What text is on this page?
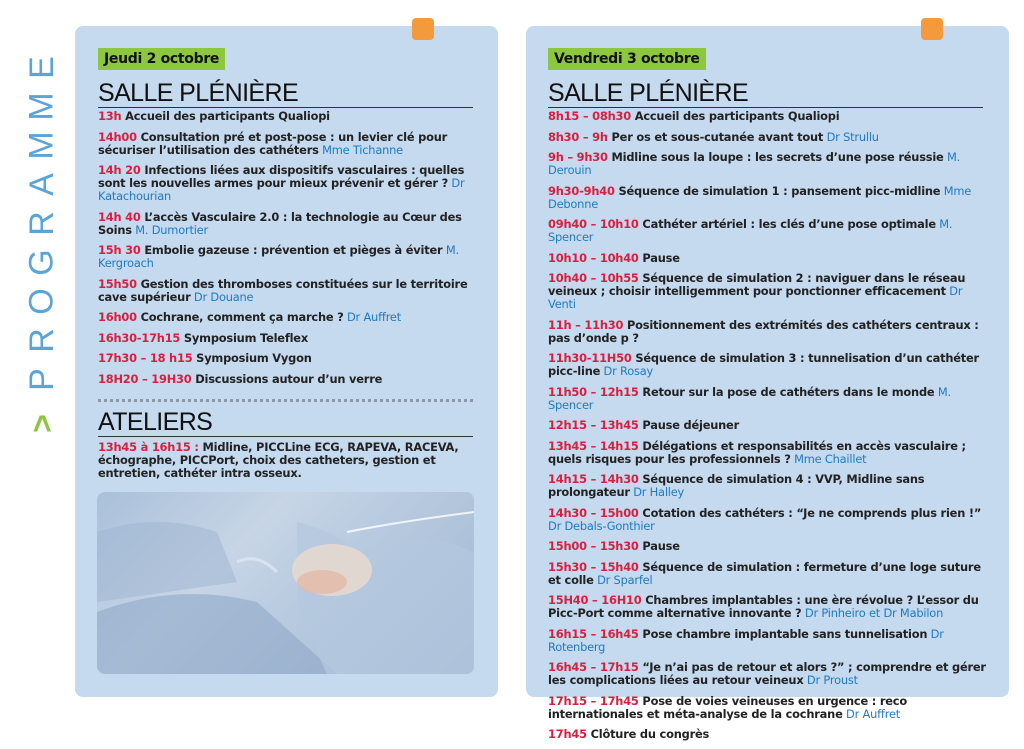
E
M
M
A
R
G
O
R
P
>
Jeudi 2 octobre
SALLE PLÉNIÈRE
13h Accueil des participants Qualiopi
14h00 Consultation pré et post-pose : un levier clé pour sécuriser l’utilisation des cathéters Mme Tichanne
14h 20 Infections liées aux dispositifs vasculaires : quelles sont les nouvelles armes pour mieux prévenir et gérer ? Dr Katachourian
14h 40 L’accès Vasculaire 2.0 : la technologie au Cœur des Soins M. Dumortier
15h 30 Embolie gazeuse : prévention et pièges à éviter M. Kergroach
15h50 Gestion des thromboses constituées sur le territoire cave supérieur Dr Douane
16h00 Cochrane, comment ça marche ? Dr Auffret
16h30-17h15 Symposium Teleflex
17h30 – 18 h15 Symposium Vygon
18H20 – 19H30 Discussions autour d’un verre
ATELIERS
13h45 à 16h15 : Midline, PICCLine ECG, RAPEVA, RACEVA, échographe, PICCPort, choix des catheters, gestion et entretien, cathéter intra osseux.
Vendredi 3 octobre
SALLE PLÉNIÈRE
8h15 – 08h30 Accueil des participants Qualiopi
8h30 – 9h Per os et sous-cutanée avant tout Dr Strullu
9h – 9h30 Midline sous la loupe : les secrets d’une pose réussie M. Derouin
9h30-9h40 Séquence de simulation 1 : pansement picc-midline Mme Debonne
09h40 – 10h10 Cathéter artériel : les clés d’une pose optimale M. Spencer
10h10 – 10h40 Pause
10h40 – 10h55 Séquence de simulation 2 : naviguer dans le réseau veineux ; choisir intelligemment pour ponctionner efficacement Dr Venti
11h – 11h30 Positionnement des extrémités des cathéters centraux : pas d’onde p ?
11h30-11H50 Séquence de simulation 3 : tunnelisation d’un cathéter picc-line Dr Rosay
11h50 – 12h15 Retour sur la pose de cathéters dans le monde M. Spencer
12h15 – 13h45 Pause déjeuner
13h45 – 14h15 Délégations et responsabilités en accès vasculaire ; quels risques pour les professionnels ? Mme Chaillet
14h15 – 14h30 Séquence de simulation 4 : VVP, Midline sans prolongateur Dr Halley
14h30 – 15h00 Cotation des cathéters : “Je ne comprends plus rien !” Dr Debals-Gonthier
15h00 – 15h30 Pause
15h30 – 15h40 Séquence de simulation : fermeture d’une loge suture et colle Dr Sparfel
15H40 – 16H10 Chambres implantables : une ère révolue ? L’essor du Picc-Port comme alternative innovante ? Dr Pinheiro et Dr Mabilon
16h15 – 16h45 Pose chambre implantable sans tunnelisation Dr Rotenberg
16h45 – 17h15 “Je n’ai pas de retour et alors ?” ; comprendre et gérer les complications liées au retour veineux Dr Proust
17h15 – 17h45 Pose de voies veineuses en urgence : reco internationales et méta-analyse de la cochrane Dr Auffret
17h45 Clôture du congrès
